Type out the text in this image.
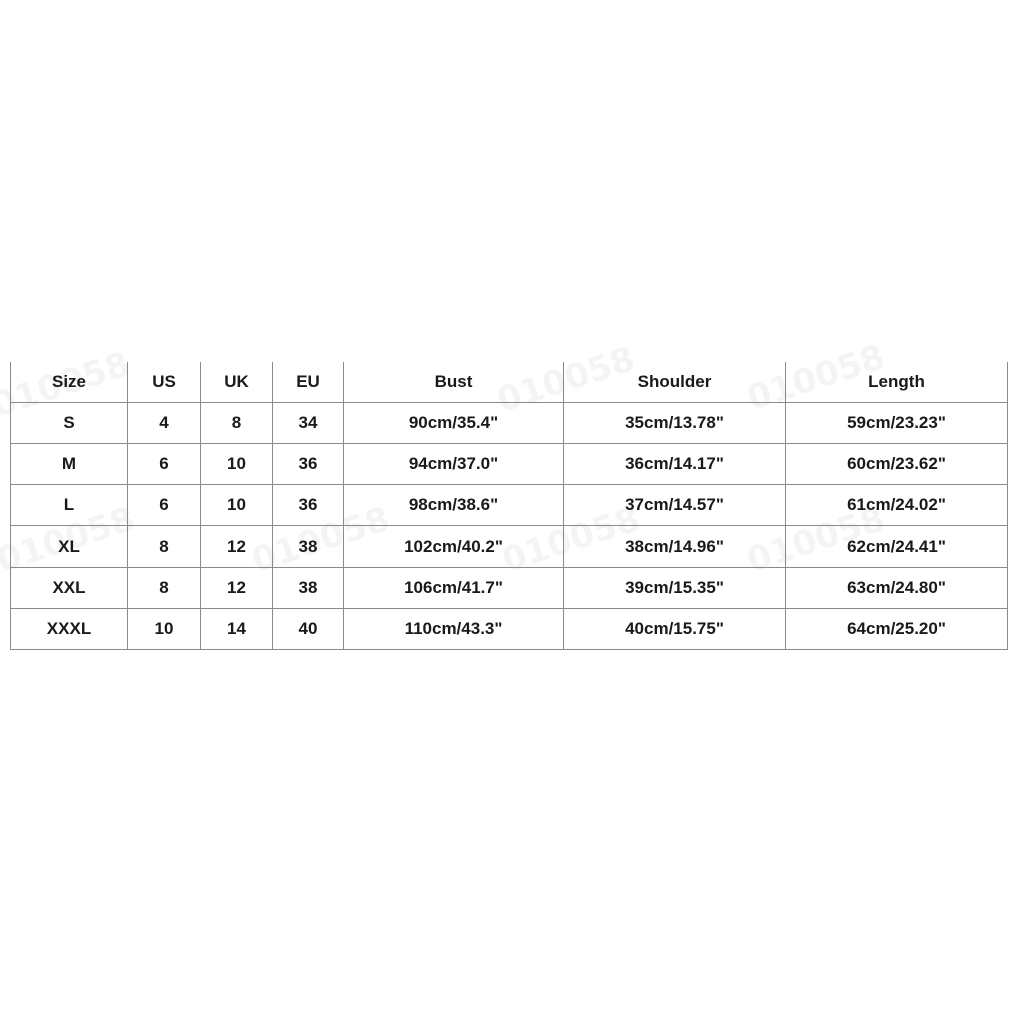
Size	US	UK	EU	Bust	Shoulder	Length
S	4	8	34	90cm/35.4"	35cm/13.78"	59cm/23.23"
M	6	10	36	94cm/37.0"	36cm/14.17"	60cm/23.62"
L	6	10	36	98cm/38.6"	37cm/14.57"	61cm/24.02"
XL	8	12	38	102cm/40.2"	38cm/14.96"	62cm/24.41"
XXL	8	12	38	106cm/41.7"	39cm/15.35"	63cm/24.80"
XXXL	10	14	40	110cm/43.3"	40cm/15.75"	64cm/25.20"
